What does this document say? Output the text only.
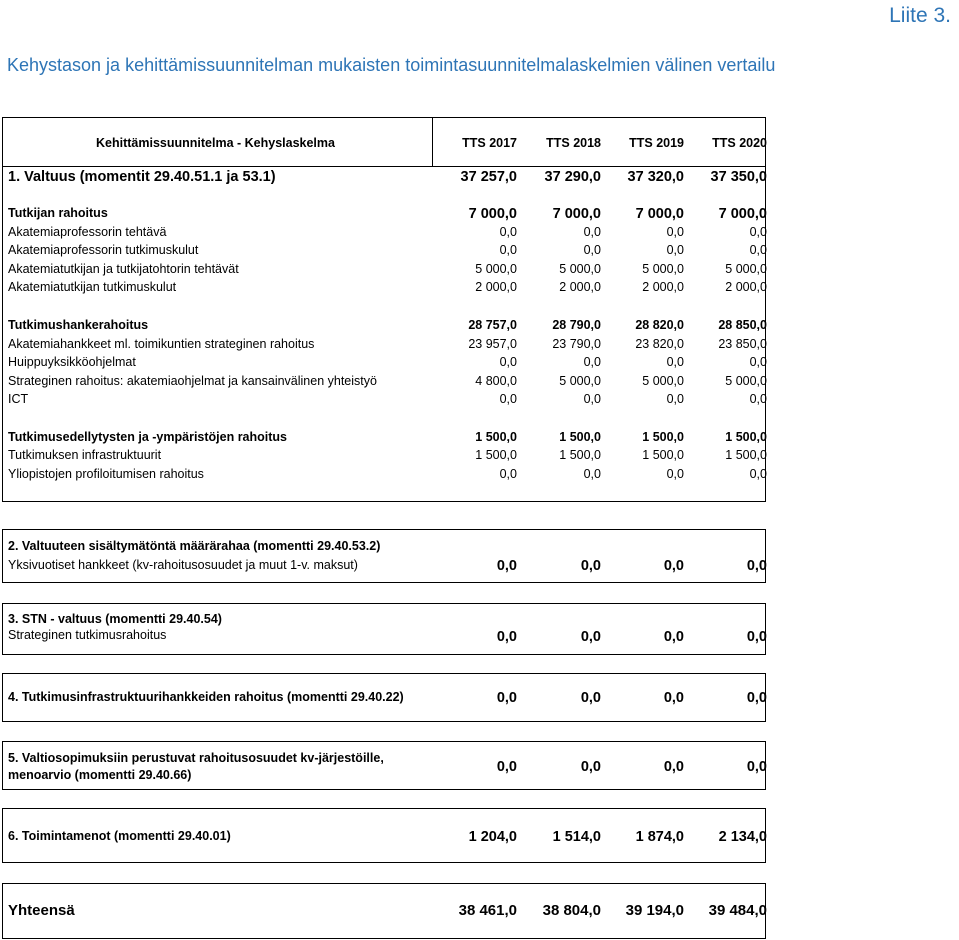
Liite 3.
Kehystason ja kehittämissuunnitelman mukaisten toimintasuunnitelmalaskelmien välinen vertailu
Kehittämissuunnitelma - Kehyslaskelma	TTS 2017	TTS 2018	TTS 2019	TTS 2020
1. Valtuus (momentit 29.40.51.1 ja 53.1)	37 257,0	37 290,0	37 320,0	37 350,0
Tutkijan rahoitus	7 000,0	7 000,0	7 000,0	7 000,0
Akatemiaprofessorin tehtävä	0,0	0,0	0,0	0,0
Akatemiaprofessorin tutkimuskulut	0,0	0,0	0,0	0,0
Akatemiatutkijan ja tutkijatohtorin tehtävät	5 000,0	5 000,0	5 000,0	5 000,0
Akatemiatutkijan tutkimuskulut	2 000,0	2 000,0	2 000,0	2 000,0
Tutkimushankerahoitus	28 757,0	28 790,0	28 820,0	28 850,0
Akatemiahankkeet ml. toimikuntien strateginen rahoitus	23 957,0	23 790,0	23 820,0	23 850,0
Huippuyksikköohjelmat	0,0	0,0	0,0	0,0
Strateginen rahoitus: akatemiaohjelmat ja kansainvälinen yhteistyö	4 800,0	5 000,0	5 000,0	5 000,0
ICT	0,0	0,0	0,0	0,0
Tutkimusedellytysten ja -ympäristöjen rahoitus	1 500,0	1 500,0	1 500,0	1 500,0
Tutkimuksen infrastruktuurit	1 500,0	1 500,0	1 500,0	1 500,0
Yliopistojen profiloitumisen rahoitus	0,0	0,0	0,0	0,0
2. Valtuuteen sisältymätöntä määrärahaa (momentti 29.40.53.2)
Yksivuotiset hankkeet (kv-rahoitusosuudet ja muut 1-v. maksut)	0,0	0,0	0,0	0,0
3. STN - valtuus (momentti 29.40.54)
Strateginen tutkimusrahoitus	0,0	0,0	0,0	0,0
4. Tutkimusinfrastruktuurihankkeiden rahoitus (momentti 29.40.22)	0,0	0,0	0,0	0,0
5. Valtiosopimuksiin perustuvat rahoitusosuudet kv-järjestöille,
menoarvio (momentti 29.40.66)	0,0	0,0	0,0	0,0
6. Toimintamenot (momentti 29.40.01)	1 204,0	1 514,0	1 874,0	2 134,0
Yhteensä	38 461,0	38 804,0	39 194,0	39 484,0
